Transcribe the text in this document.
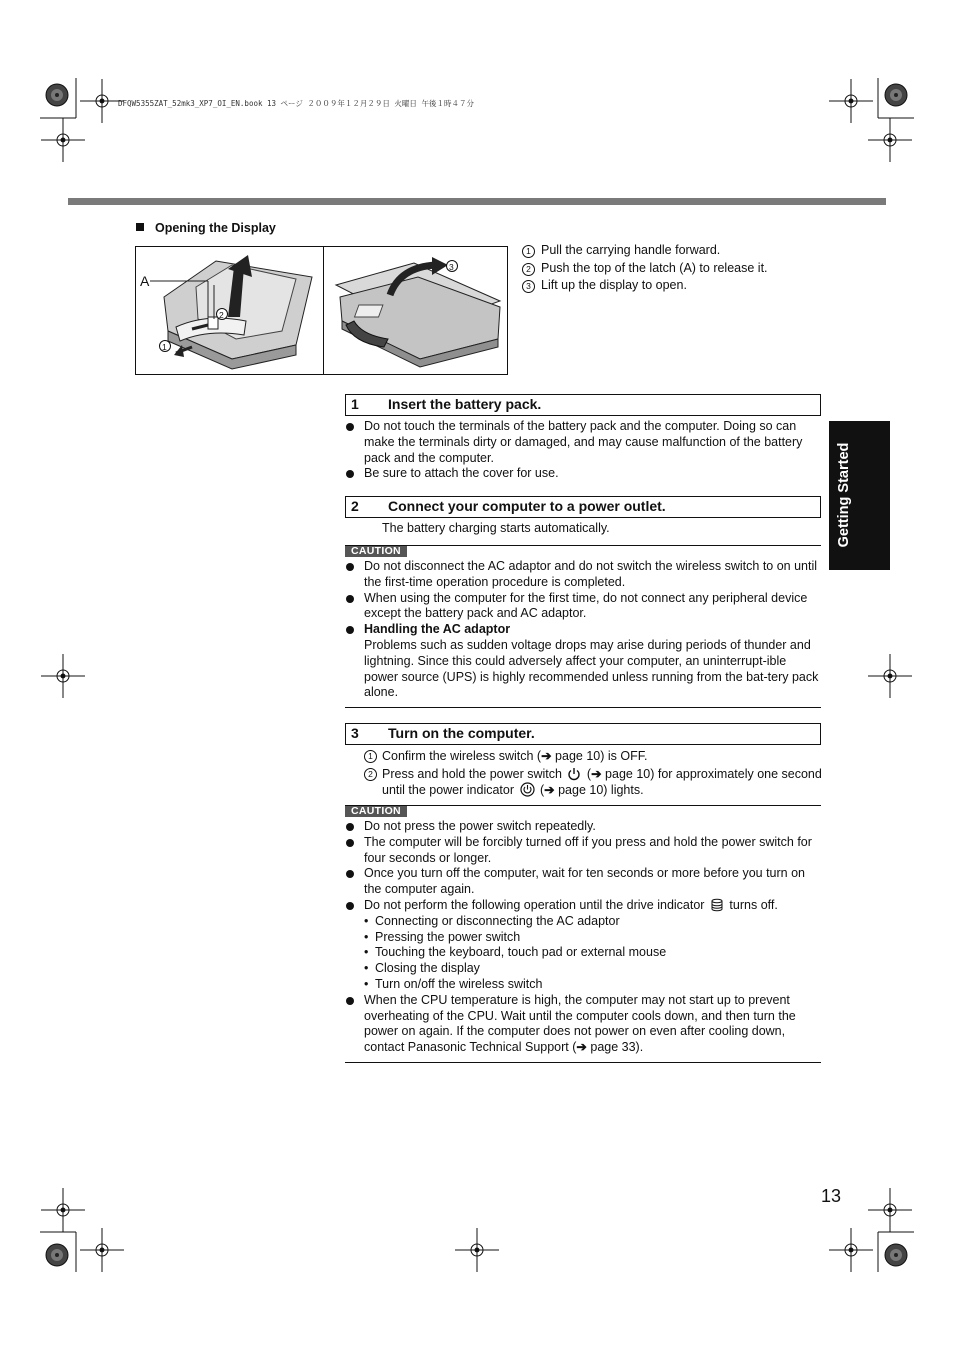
DFQW5355ZAT_52mk3_XP7_OI_EN.book 13 ページ ２００９年１２月２９日 火曜日 午後１時４７分
Opening the Display
A
2
1
3
1 Pull the carrying handle forward.
2 Push the top of the latch (A) to release it.
3 Lift up the display to open.
1 Insert the battery pack.
Do not touch the terminals of the battery pack and the computer. Doing so can make the terminals dirty or damaged, and may cause malfunction of the battery pack and the computer.
Be sure to attach the cover for use.
2 Connect your computer to a power outlet.
The battery charging starts automatically.
CAUTION
Do not disconnect the AC adaptor and do not switch the wireless switch to on until the first-time operation procedure is completed.
When using the computer for the first time, do not connect any peripheral device except the battery pack and AC adaptor.
Handling the AC adaptor
Problems such as sudden voltage drops may arise during periods of thunder and lightning. Since this could adversely affect your computer, an uninterrupt-ible power source (UPS) is highly recommended unless running from the bat-tery pack alone.
3 Turn on the computer.
1 Confirm the wireless switch (➔ page 10) is OFF.
2 Press and hold the power switch  (➔ page 10) for approximately one second until the power indicator  (➔ page 10) lights.
CAUTION
Do not press the power switch repeatedly.
The computer will be forcibly turned off if you press and hold the power switch for four seconds or longer.
Once you turn off the computer, wait for ten seconds or more before you turn on the computer again.
Do not perform the following operation until the drive indicator  turns off.
• Connecting or disconnecting the AC adaptor
• Pressing the power switch
• Touching the keyboard, touch pad or external mouse
• Closing the display
• Turn on/off the wireless switch
When the CPU temperature is high, the computer may not start up to prevent overheating of the CPU. Wait until the computer cools down, and then turn the power on again. If the computer does not power on even after cooling down, contact Panasonic Technical Support (➔ page 33).
Getting Started
13
